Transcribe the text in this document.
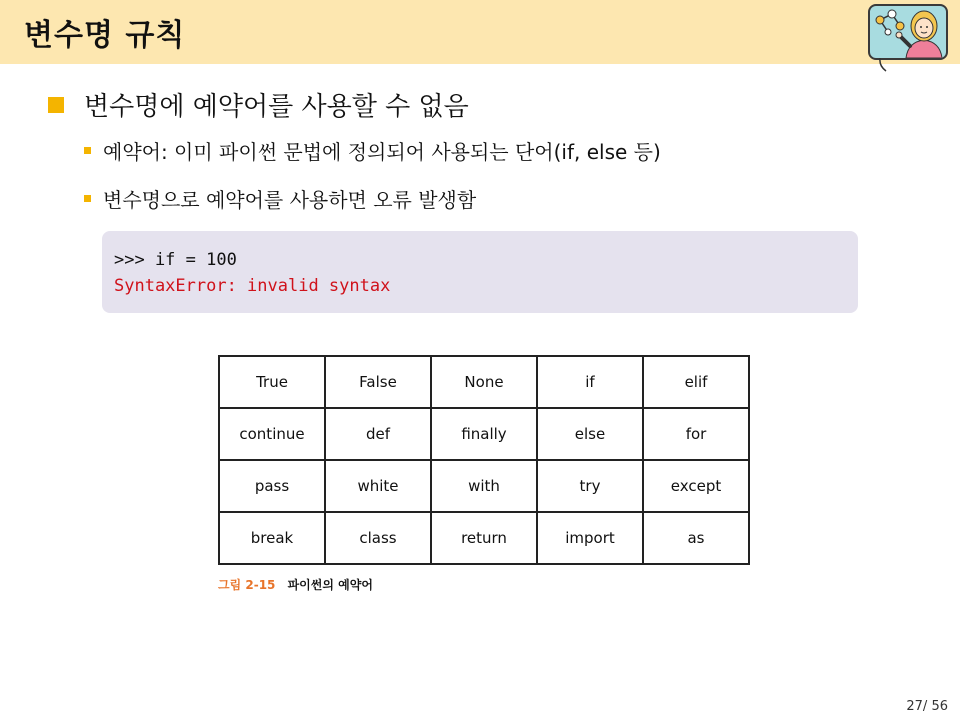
변수명 규칙
변수명에 예약어를 사용할 수 없음
예약어: 이미 파이썬 문법에 정의되어 사용되는 단어(if, else 등)
변수명으로 예약어를 사용하면 오류 발생함
>>> if = 100
SyntaxError: invalid syntax
True	False	None	if	elif
continue	def	finally	else	for
pass	white	with	try	except
break	class	return	import	as
그림 2-15 파이썬의 예약어
27/ 56
